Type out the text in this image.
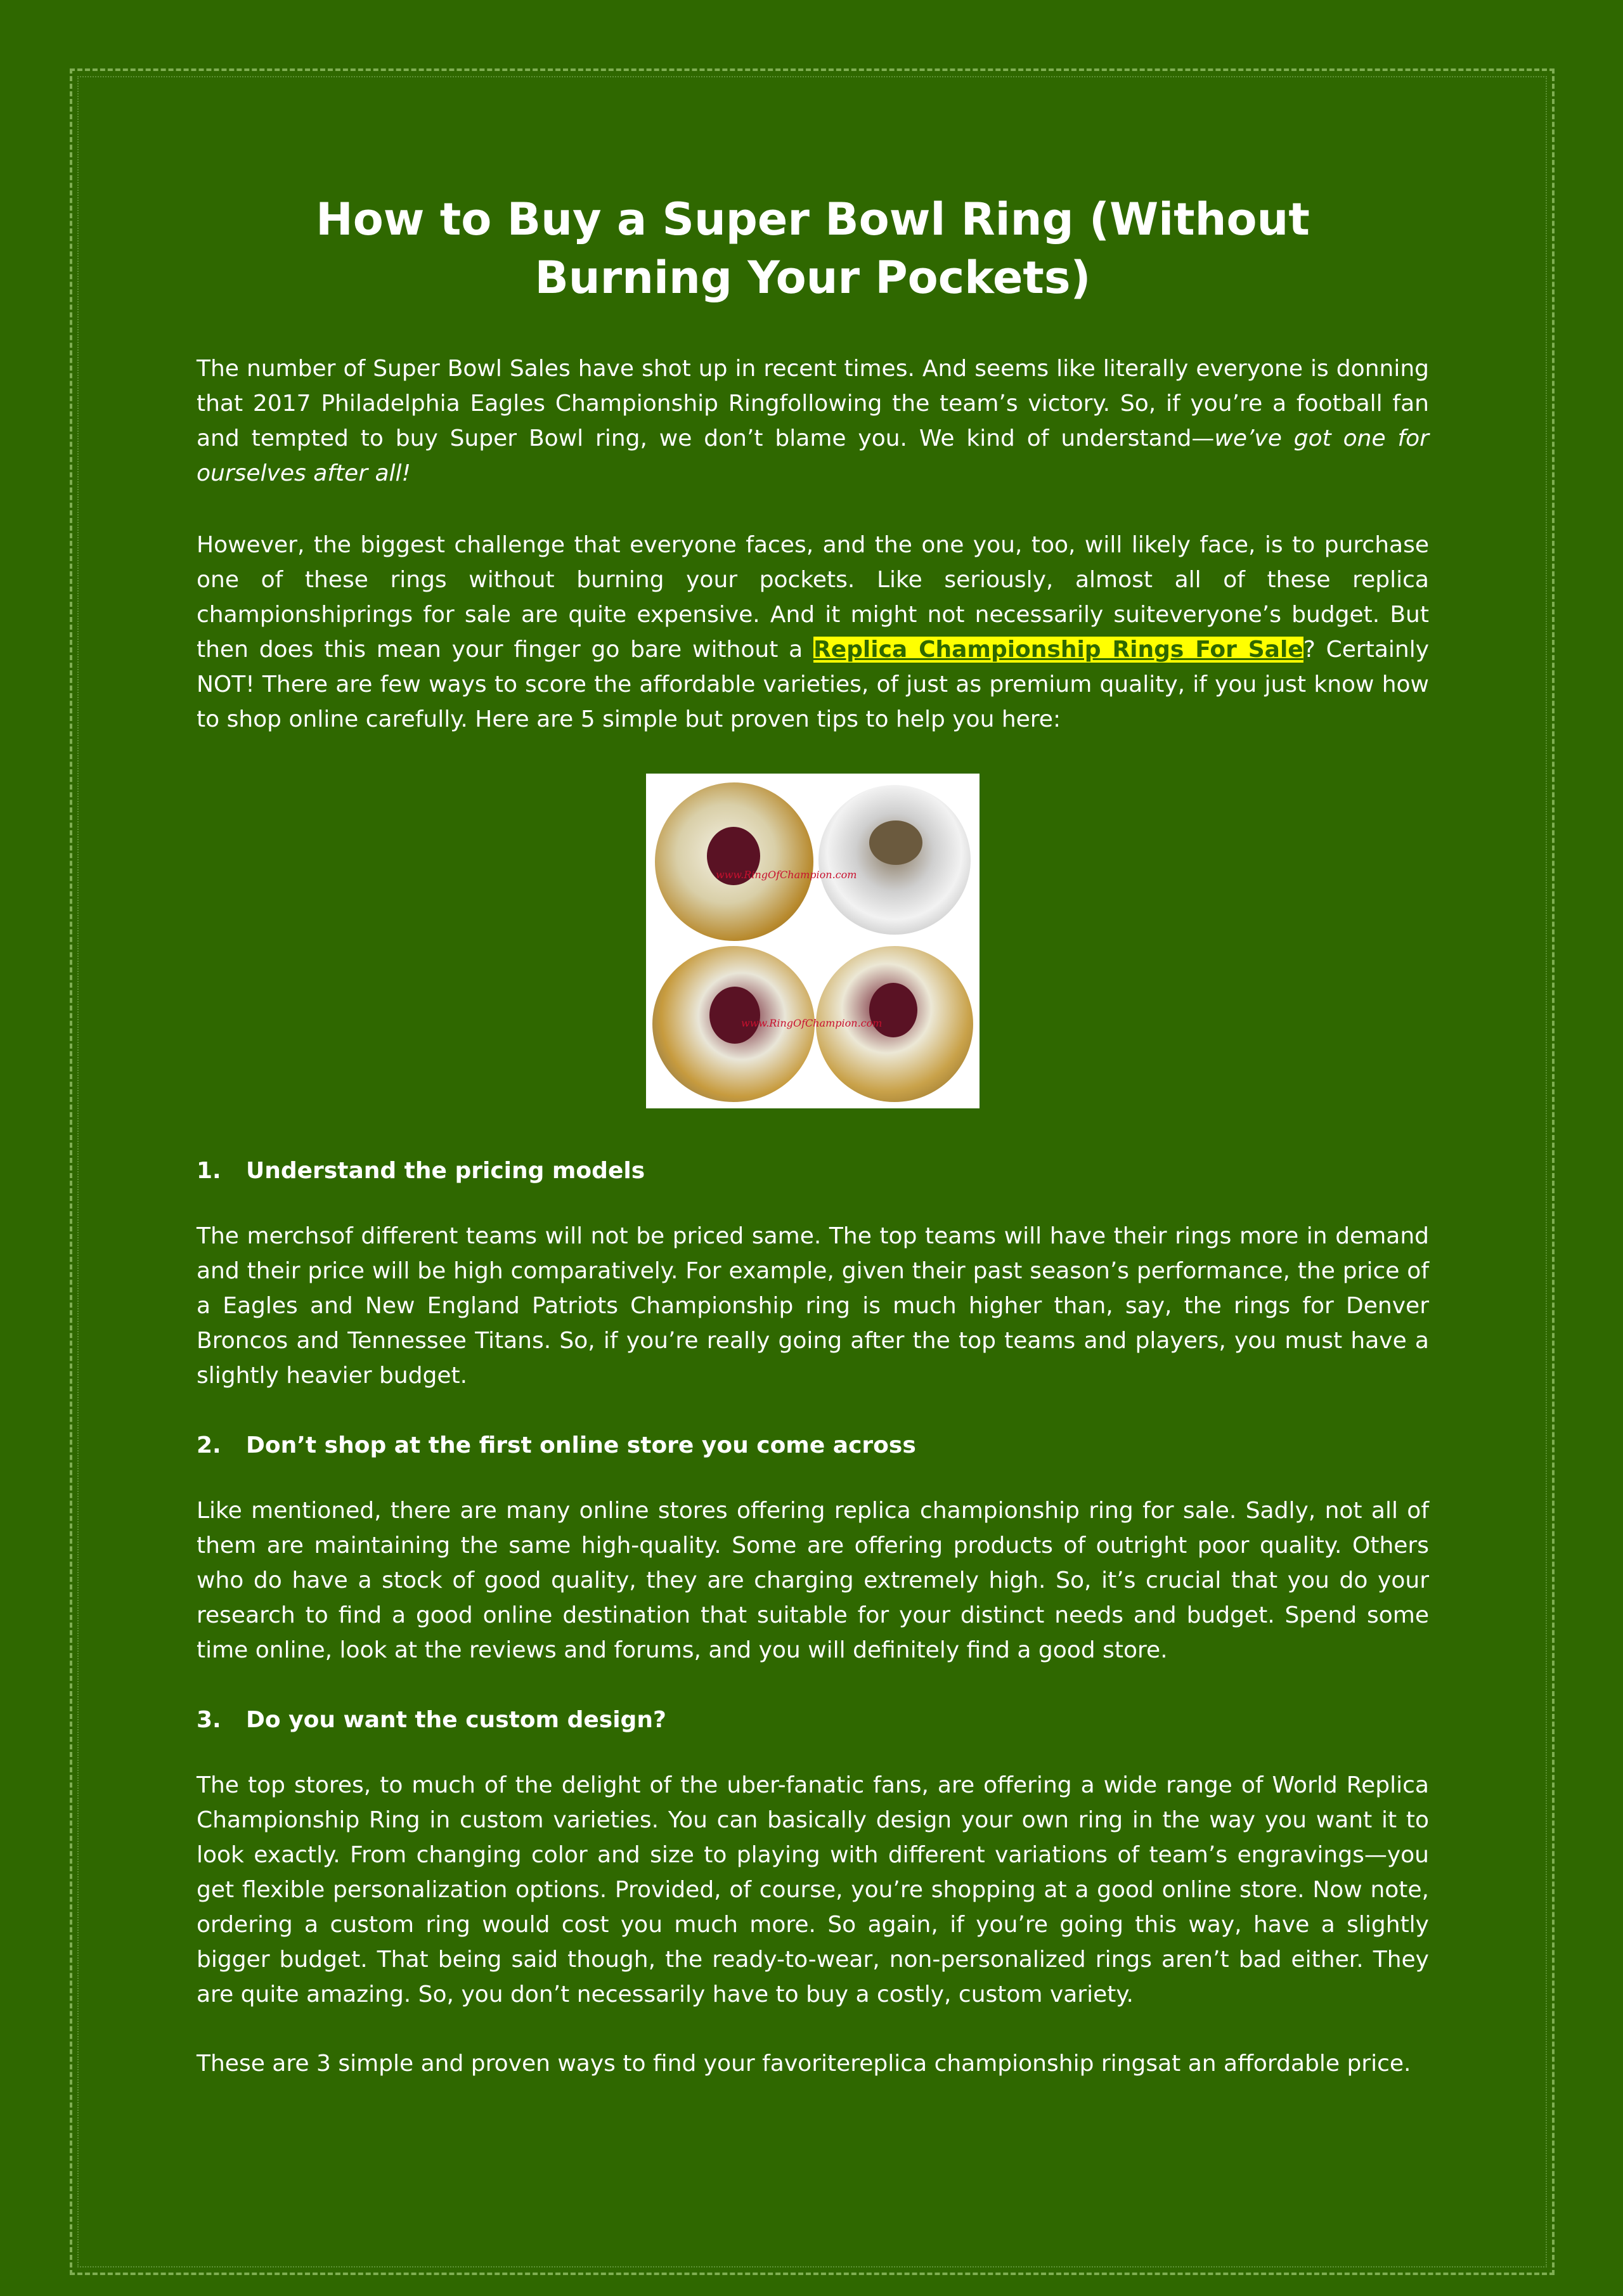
How to Buy a Super Bowl Ring (Without Burning Your Pockets)

The number of Super Bowl Sales have shot up in recent times. And seems like literally everyone is donning that 2017 Philadelphia Eagles Championship Ringfollowing the team’s victory. So, if you’re a football fan and tempted to buy Super Bowl ring, we don’t blame you. We kind of understand—we’ve got one for ourselves after all!

However, the biggest challenge that everyone faces, and the one you, too, will likely face, is to purchase one of these rings without burning your pockets. Like seriously, almost all of these replica championshiprings for sale are quite expensive. And it might not necessarily suiteveryone’s budget. But then does this mean your finger go bare without a Replica Championship Rings For Sale? Certainly NOT! There are few ways to score the affordable varieties, of just as premium quality, if you just know how to shop online carefully. Here are 5 simple but proven tips to help you here:

www.RingOfChampion.com
www.RingOfChampion.com
1. Understand the pricing models

The merchsof different teams will not be priced same. The top teams will have their rings more in demand and their price will be high comparatively. For example, given their past season’s performance, the price of a Eagles and New England Patriots Championship ring is much higher than, say, the rings for Denver Broncos and Tennessee Titans. So, if you’re really going after the top teams and players, you must have a slightly heavier budget.

2. Don’t shop at the first online store you come across

Like mentioned, there are many online stores offering replica championship ring for sale. Sadly, not all of them are maintaining the same high-quality. Some are offering products of outright poor quality. Others who do have a stock of good quality, they are charging extremely high. So, it’s crucial that you do your research to find a good online destination that suitable for your distinct needs and budget. Spend some time online, look at the reviews and forums, and you will definitely find a good store.

3. Do you want the custom design?

The top stores, to much of the delight of the uber-fanatic fans, are offering a wide range of World Replica Championship Ring in custom varieties. You can basically design your own ring in the way you want it to look exactly. From changing color and size to playing with different variations of team’s engravings—you get flexible personalization options. Provided, of course, you’re shopping at a good online store. Now note, ordering a custom ring would cost you much more. So again, if you’re going this way, have a slightly bigger budget. That being said though, the ready-to-wear, non-personalized rings aren’t bad either. They are quite amazing. So, you don’t necessarily have to buy a costly, custom variety.

These are 3 simple and proven ways to find your favoritereplica championship ringsat an affordable price.
